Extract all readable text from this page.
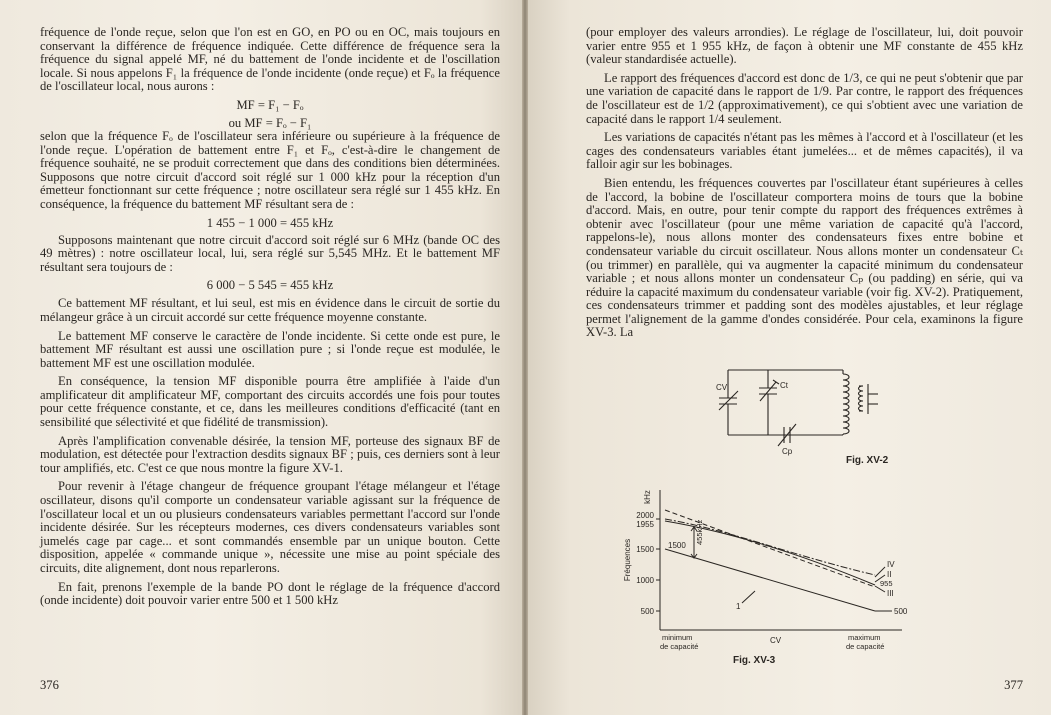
fréquence de l'onde reçue, selon que l'on est en GO, en PO ou en OC, mais toujours en conservant la différence de fréquence indiquée. Cette différence de fréquence sera la fréquence du signal appelé MF, né du battement de l'onde incidente et de l'oscillation locale. Si nous appelons F₁ la fréquence de l'onde incidente (onde reçue) et Fₒ la fréquence de l'oscillateur local, nous aurons :

MF = F₁ − Fₒ
ou MF = Fₒ − F₁

selon que la fréquence Fₒ de l'oscillateur sera inférieure ou supérieure à la fréquence de l'onde reçue. L'opération de battement entre F₁ et Fₒ, c'est-à-dire le changement de fréquence souhaité, ne se produit correctement que dans des conditions bien déterminées. Supposons que notre circuit d'accord soit réglé sur 1 000 kHz pour la réception d'un émetteur fonctionnant sur cette fréquence ; notre oscillateur sera réglé sur 1 455 kHz. En conséquence, la fréquence du battement MF résultant sera de :

1 455 − 1 000 = 455 kHz

Supposons maintenant que notre circuit d'accord soit réglé sur 6 MHz (bande OC des 49 mètres) : notre oscillateur local, lui, sera réglé sur 5,545 MHz. Et le battement MF résultant sera toujours de :

6 000 − 5 545 = 455 kHz

Ce battement MF résultant, et lui seul, est mis en évidence dans le circuit de sortie du mélangeur grâce à un circuit accordé sur cette fréquence moyenne constante.

Le battement MF conserve le caractère de l'onde incidente. Si cette onde est pure, le battement MF résultant est aussi une oscillation pure ; si l'onde reçue est modulée, le battement MF est une oscillation modulée.

En conséquence, la tension MF disponible pourra être amplifiée à l'aide d'un amplificateur dit amplificateur MF, comportant des circuits accordés une fois pour toutes pour cette fréquence constante, et ce, dans les meilleures conditions d'efficacité (tant en sensibilité que sélectivité et que fidélité de transmission).

Après l'amplification convenable désirée, la tension MF, porteuse des signaux BF de modulation, est détectée pour l'extraction desdits signaux BF ; puis, ces derniers sont à leur tour amplifiés, etc. C'est ce que nous montre la figure XV-1.

Pour revenir à l'étage changeur de fréquence groupant l'étage mélangeur et l'étage oscillateur, disons qu'il comporte un condensateur variable agissant sur la fréquence de l'oscillateur local et un ou plusieurs condensateurs variables permettant l'accord sur l'onde incidente désirée. Sur les récepteurs modernes, ces divers condensateurs variables sont jumelés cage par cage... et sont commandés ensemble par un unique bouton. Cette disposition, appelée « commande unique », nécessite une mise au point spéciale des circuits, dite alignement, dont nous reparlerons.

En fait, prenons l'exemple de la bande PO dont le réglage de la fréquence d'accord (onde incidente) doit pouvoir varier entre 500 et 1 500 kHz

376

(pour employer des valeurs arrondies). Le réglage de l'oscillateur, lui, doit pouvoir varier entre 955 et 1 955 kHz, de façon à obtenir une MF constante de 455 kHz (valeur standardisée actuelle).

Le rapport des fréquences d'accord est donc de 1/3, ce qui ne peut s'obtenir que par une variation de capacité dans le rapport de 1/9. Par contre, le rapport des fréquences de l'oscillateur est de 1/2 (approximativement), ce qui s'obtient avec une variation de capacité dans le rapport 1/4 seulement.

Les variations de capacités n'étant pas les mêmes à l'accord et à l'oscillateur (et les cages des condensateurs variables étant jumelées... et de mêmes capacités), il va falloir agir sur les bobinages.

Bien entendu, les fréquences couvertes par l'oscillateur étant supérieures à celles de l'accord, la bobine de l'oscillateur comportera moins de tours que la bobine d'accord. Mais, en outre, pour tenir compte du rapport des fréquences extrêmes à obtenir avec l'oscillateur (pour une même variation de capacité qu'à l'accord, rappelons-le), nous allons monter des condensateurs fixes entre bobine et condensateur variable du circuit oscillateur. Nous allons monter un condensateur Cₜ (ou trimmer) en parallèle, qui va augmenter la capacité minimum du condensateur variable ; et nous allons monter un condensateur Cₚ (ou padding) en série, qui va réduire la capacité maximum du condensateur variable (voir fig. XV-2). Pratiquement, ces condensateurs trimmer et padding sont des modèles ajustables, et leur réglage permet l'alignement de la gamme d'ondes considérée. Pour cela, examinons la figure XV-3. La

CV	Ct
Cp
Fig. XV-2
kHz
Fréquences
2000
1955
1500
1000
500
1500
455kHz
IV
II
955
III
500
1
minimum
de capacité
CV	maximum
de capacité
Fig. XV-3
377
